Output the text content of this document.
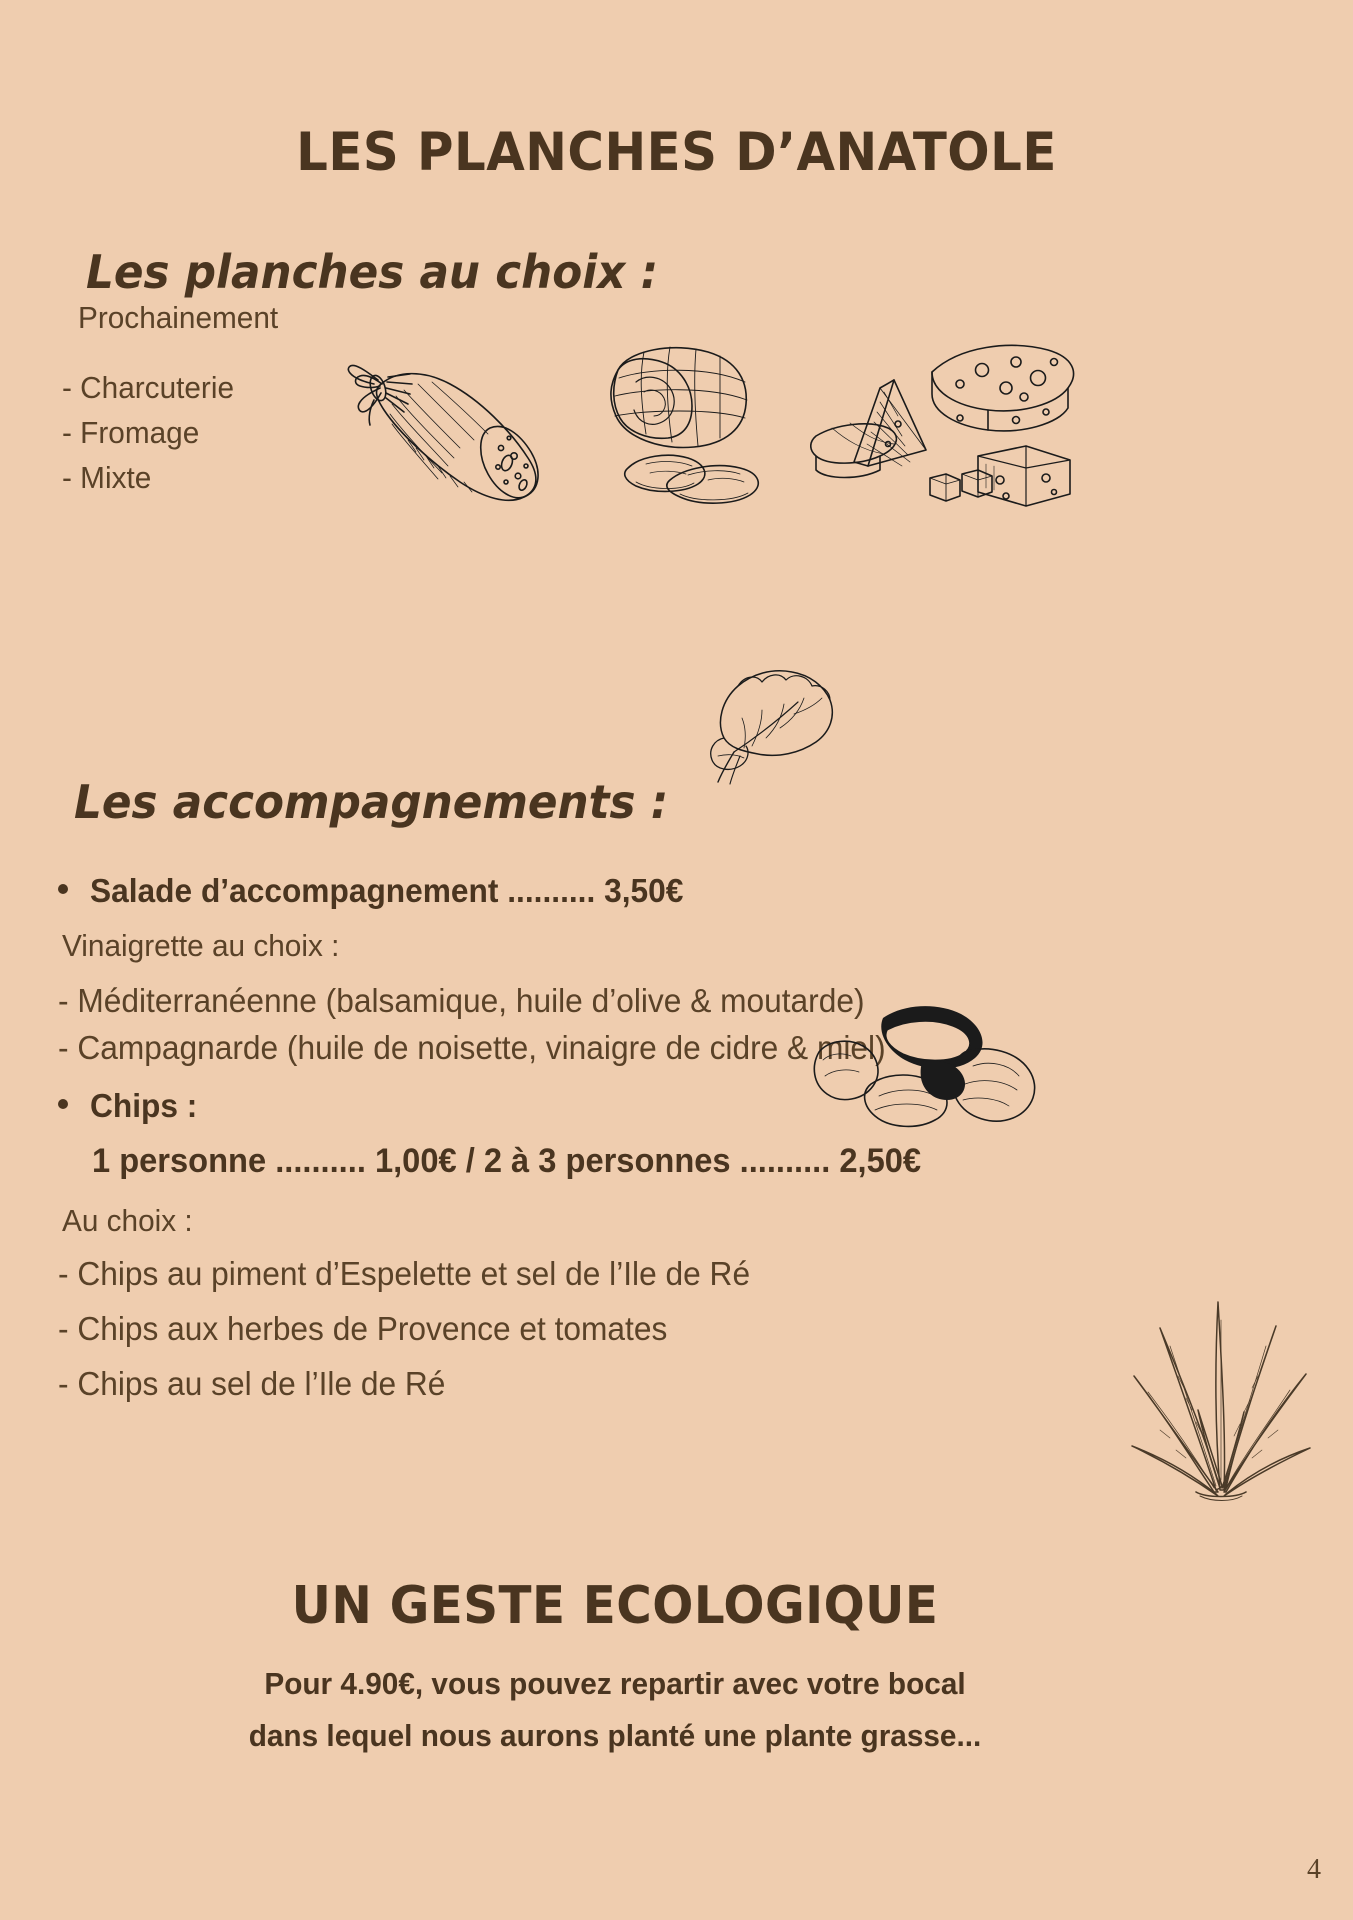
LES PLANCHES D’ANATOLE
Les planches au choix :
Prochainement
- Charcuterie
- Fromage
- Mixte
Les accompagnements :
Salade d’accompagnement .......... 3,50€
Vinaigrette au choix :
- Méditerranéenne (balsamique, huile d’olive & moutarde)
- Campagnarde (huile de noisette, vinaigre de cidre & miel)
Chips :
1 personne .......... 1,00€ / 2 à 3 personnes .......... 2,50€
Au choix :
- Chips au piment d’Espelette et sel de l’Ile de Ré
- Chips aux herbes de Provence et tomates
- Chips au sel de l’Ile de Ré
UN GESTE ECOLOGIQUE
Pour 4.90€, vous pouvez repartir avec votre bocal
dans lequel nous aurons planté une plante grasse...
4
